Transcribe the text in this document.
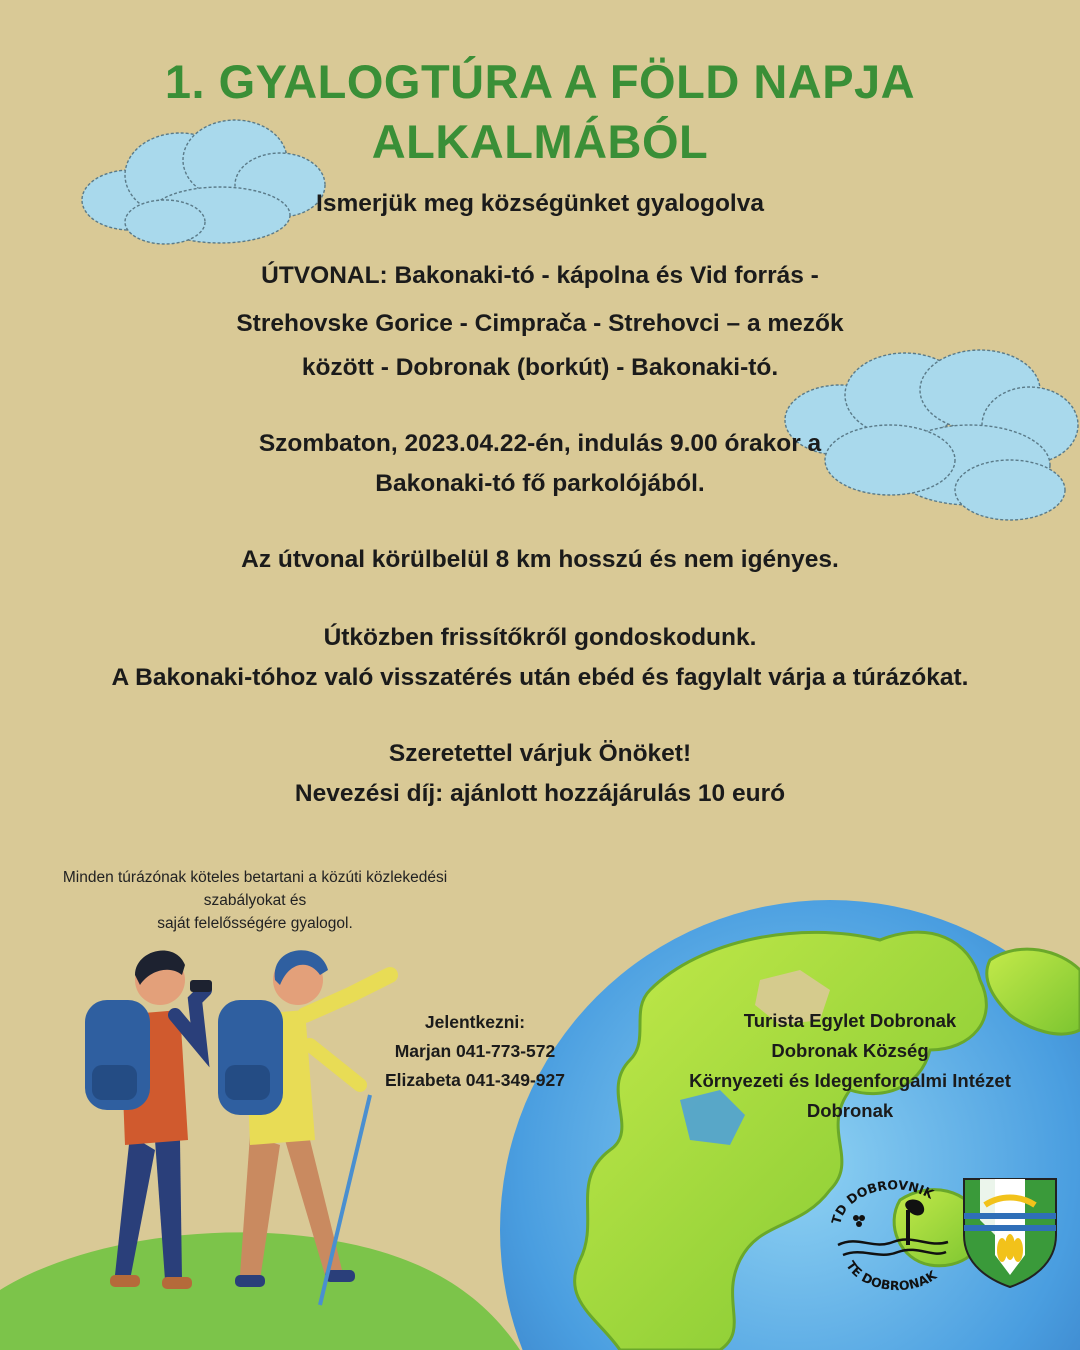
1. GYALOGTÚRA A FÖLD NAPJA
ALKALMÁBÓL

Ismerjük meg községünket gyalogolva

ÚTVONAL: Bakonaki-tó - kápolna és Vid forrás -

Strehovske Gorice - Cimprača - Strehovci – a mezők

között - Dobronak (borkút) - Bakonaki-tó.

Szombaton, 2023.04.22-én, indulás 9.00 órakor a

Bakonaki-tó fő parkolójából.

Az útvonal körülbelül 8 km hosszú és nem igényes.

Útközben frissítőkről gondoskodunk.

A Bakonaki-tóhoz való visszatérés után ebéd és fagylalt várja a túrázókat.

Szeretettel várjuk Önöket!

Nevezési díj: ajánlott hozzájárulás 10 euró

Minden túrázónak köteles betartani a közúti közlekedési

szabályokat és

saját felelősségére gyalogol.

Jelentkezni:

Marjan 041-773-572

Elizabeta 041-349-927

Turista Egylet Dobronak

Dobronak Község

Környezeti és Idegenforgalmi Intézet

Dobronak

TD DOBROVNIK
TE DOBRONAK
